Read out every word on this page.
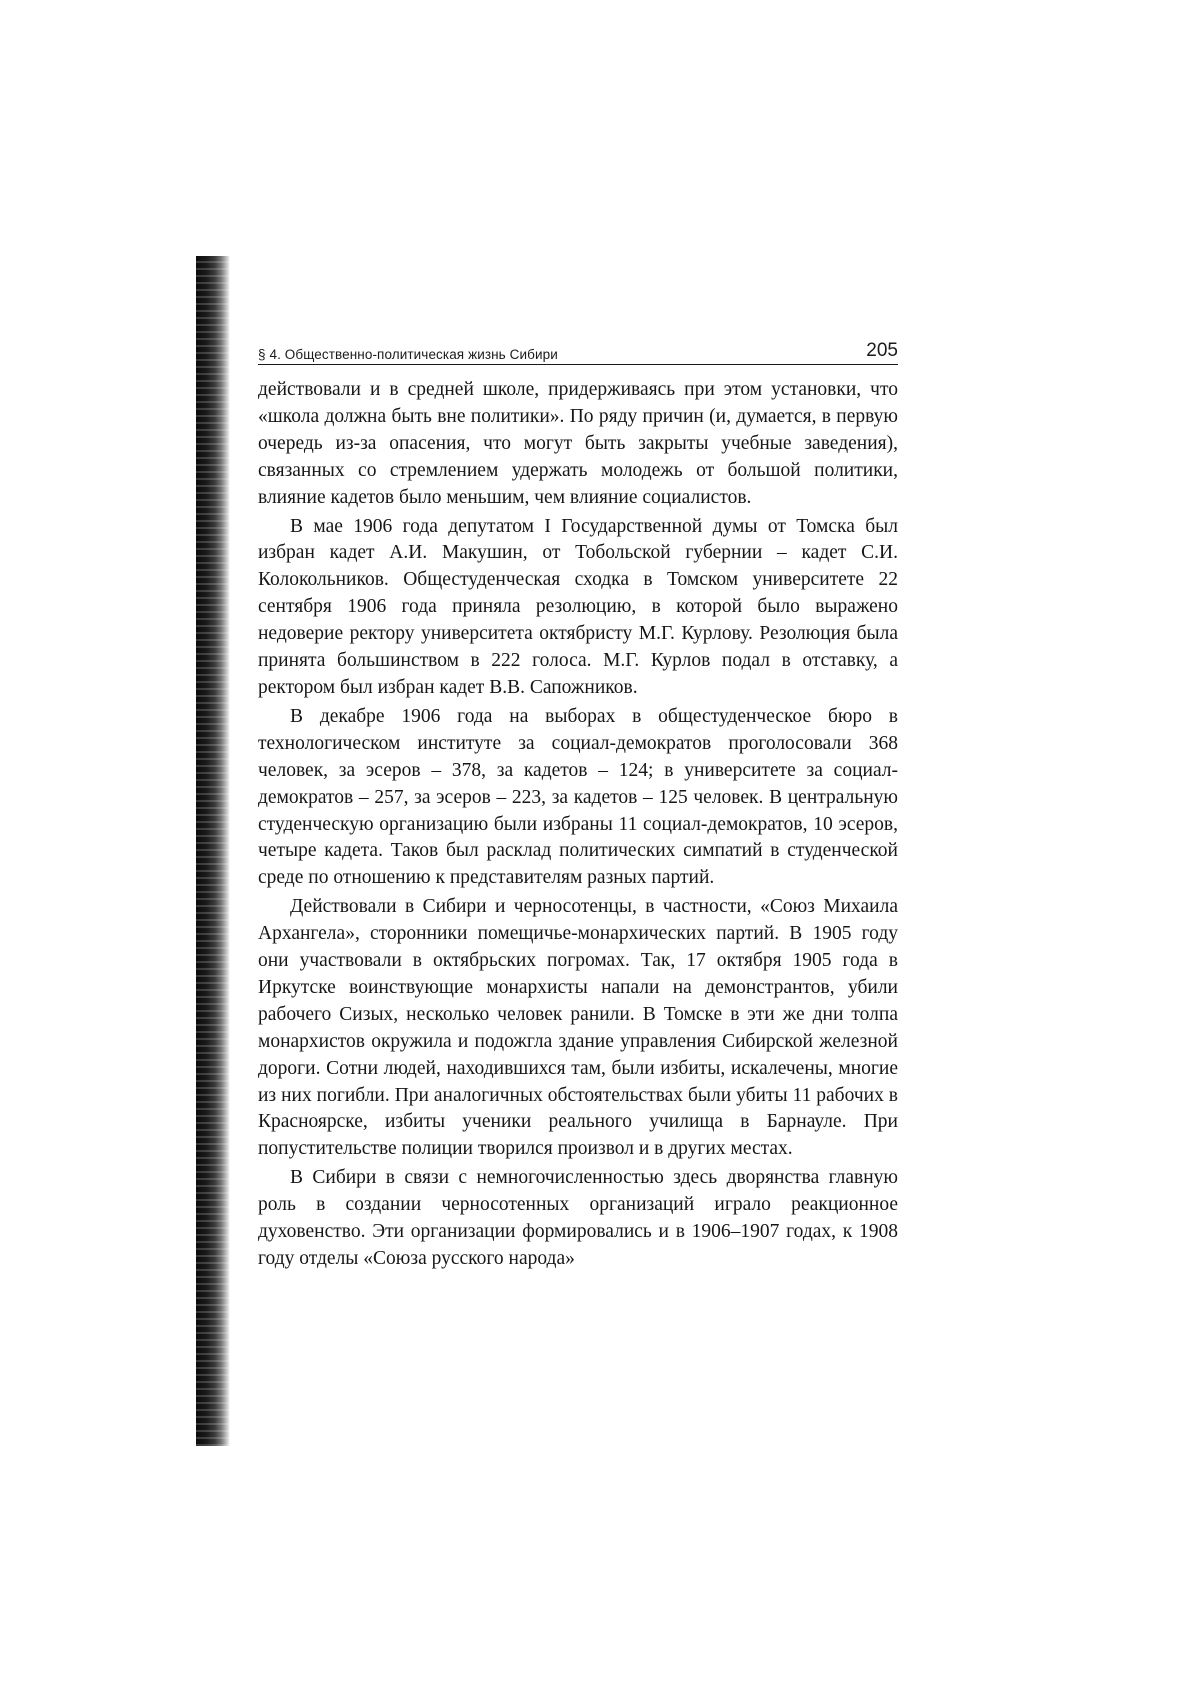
§ 4. Общественно-политическая жизнь Сибири	205

действовали и в средней школе, придерживаясь при этом установки, что «школа должна быть вне политики». По ряду причин (и, думается, в первую очередь из-за опасения, что могут быть закрыты учебные заведения), связанных со стремлением удержать молодежь от большой политики, влияние кадетов было меньшим, чем влияние социалистов.

В мае 1906 года депутатом I Государственной думы от Томска был избран кадет А.И. Макушин, от Тобольской губернии – кадет С.И. Колокольников. Общестуденческая сходка в Томском университете 22 сентября 1906 года приняла резолюцию, в которой было выражено недоверие ректору университета октябристу М.Г. Курлову. Резолюция была принята большинством в 222 голоса. М.Г. Курлов подал в отставку, а ректором был избран кадет В.В. Сапожников.

В декабре 1906 года на выборах в общестуденческое бюро в технологическом институте за социал-демократов проголосовали 368 человек, за эсеров – 378, за кадетов – 124; в университете за социал-демократов – 257, за эсеров – 223, за кадетов – 125 человек. В центральную студенческую организацию были избраны 11 социал-демократов, 10 эсеров, четыре кадета. Таков был расклад политических симпатий в студенческой среде по отношению к представителям разных партий.

Действовали в Сибири и черносотенцы, в частности, «Союз Михаила Архангела», сторонники помещичье-монархических партий. В 1905 году они участвовали в октябрьских погромах. Так, 17 октября 1905 года в Иркутске воинствующие монархисты напали на демонстрантов, убили рабочего Сизых, несколько человек ранили. В Томске в эти же дни толпа монархистов окружила и подожгла здание управления Сибирской железной дороги. Сотни людей, находившихся там, были избиты, искалечены, многие из них погибли. При аналогичных обстоятельствах были убиты 11 рабочих в Красноярске, избиты ученики реального училища в Барнауле. При попустительстве полиции творился произвол и в других местах.

В Сибири в связи с немногочисленностью здесь дворянства главную роль в создании черносотенных организаций играло реакционное духовенство. Эти организации формировались и в 1906–1907 годах, к 1908 году отделы «Союза русского народа»
